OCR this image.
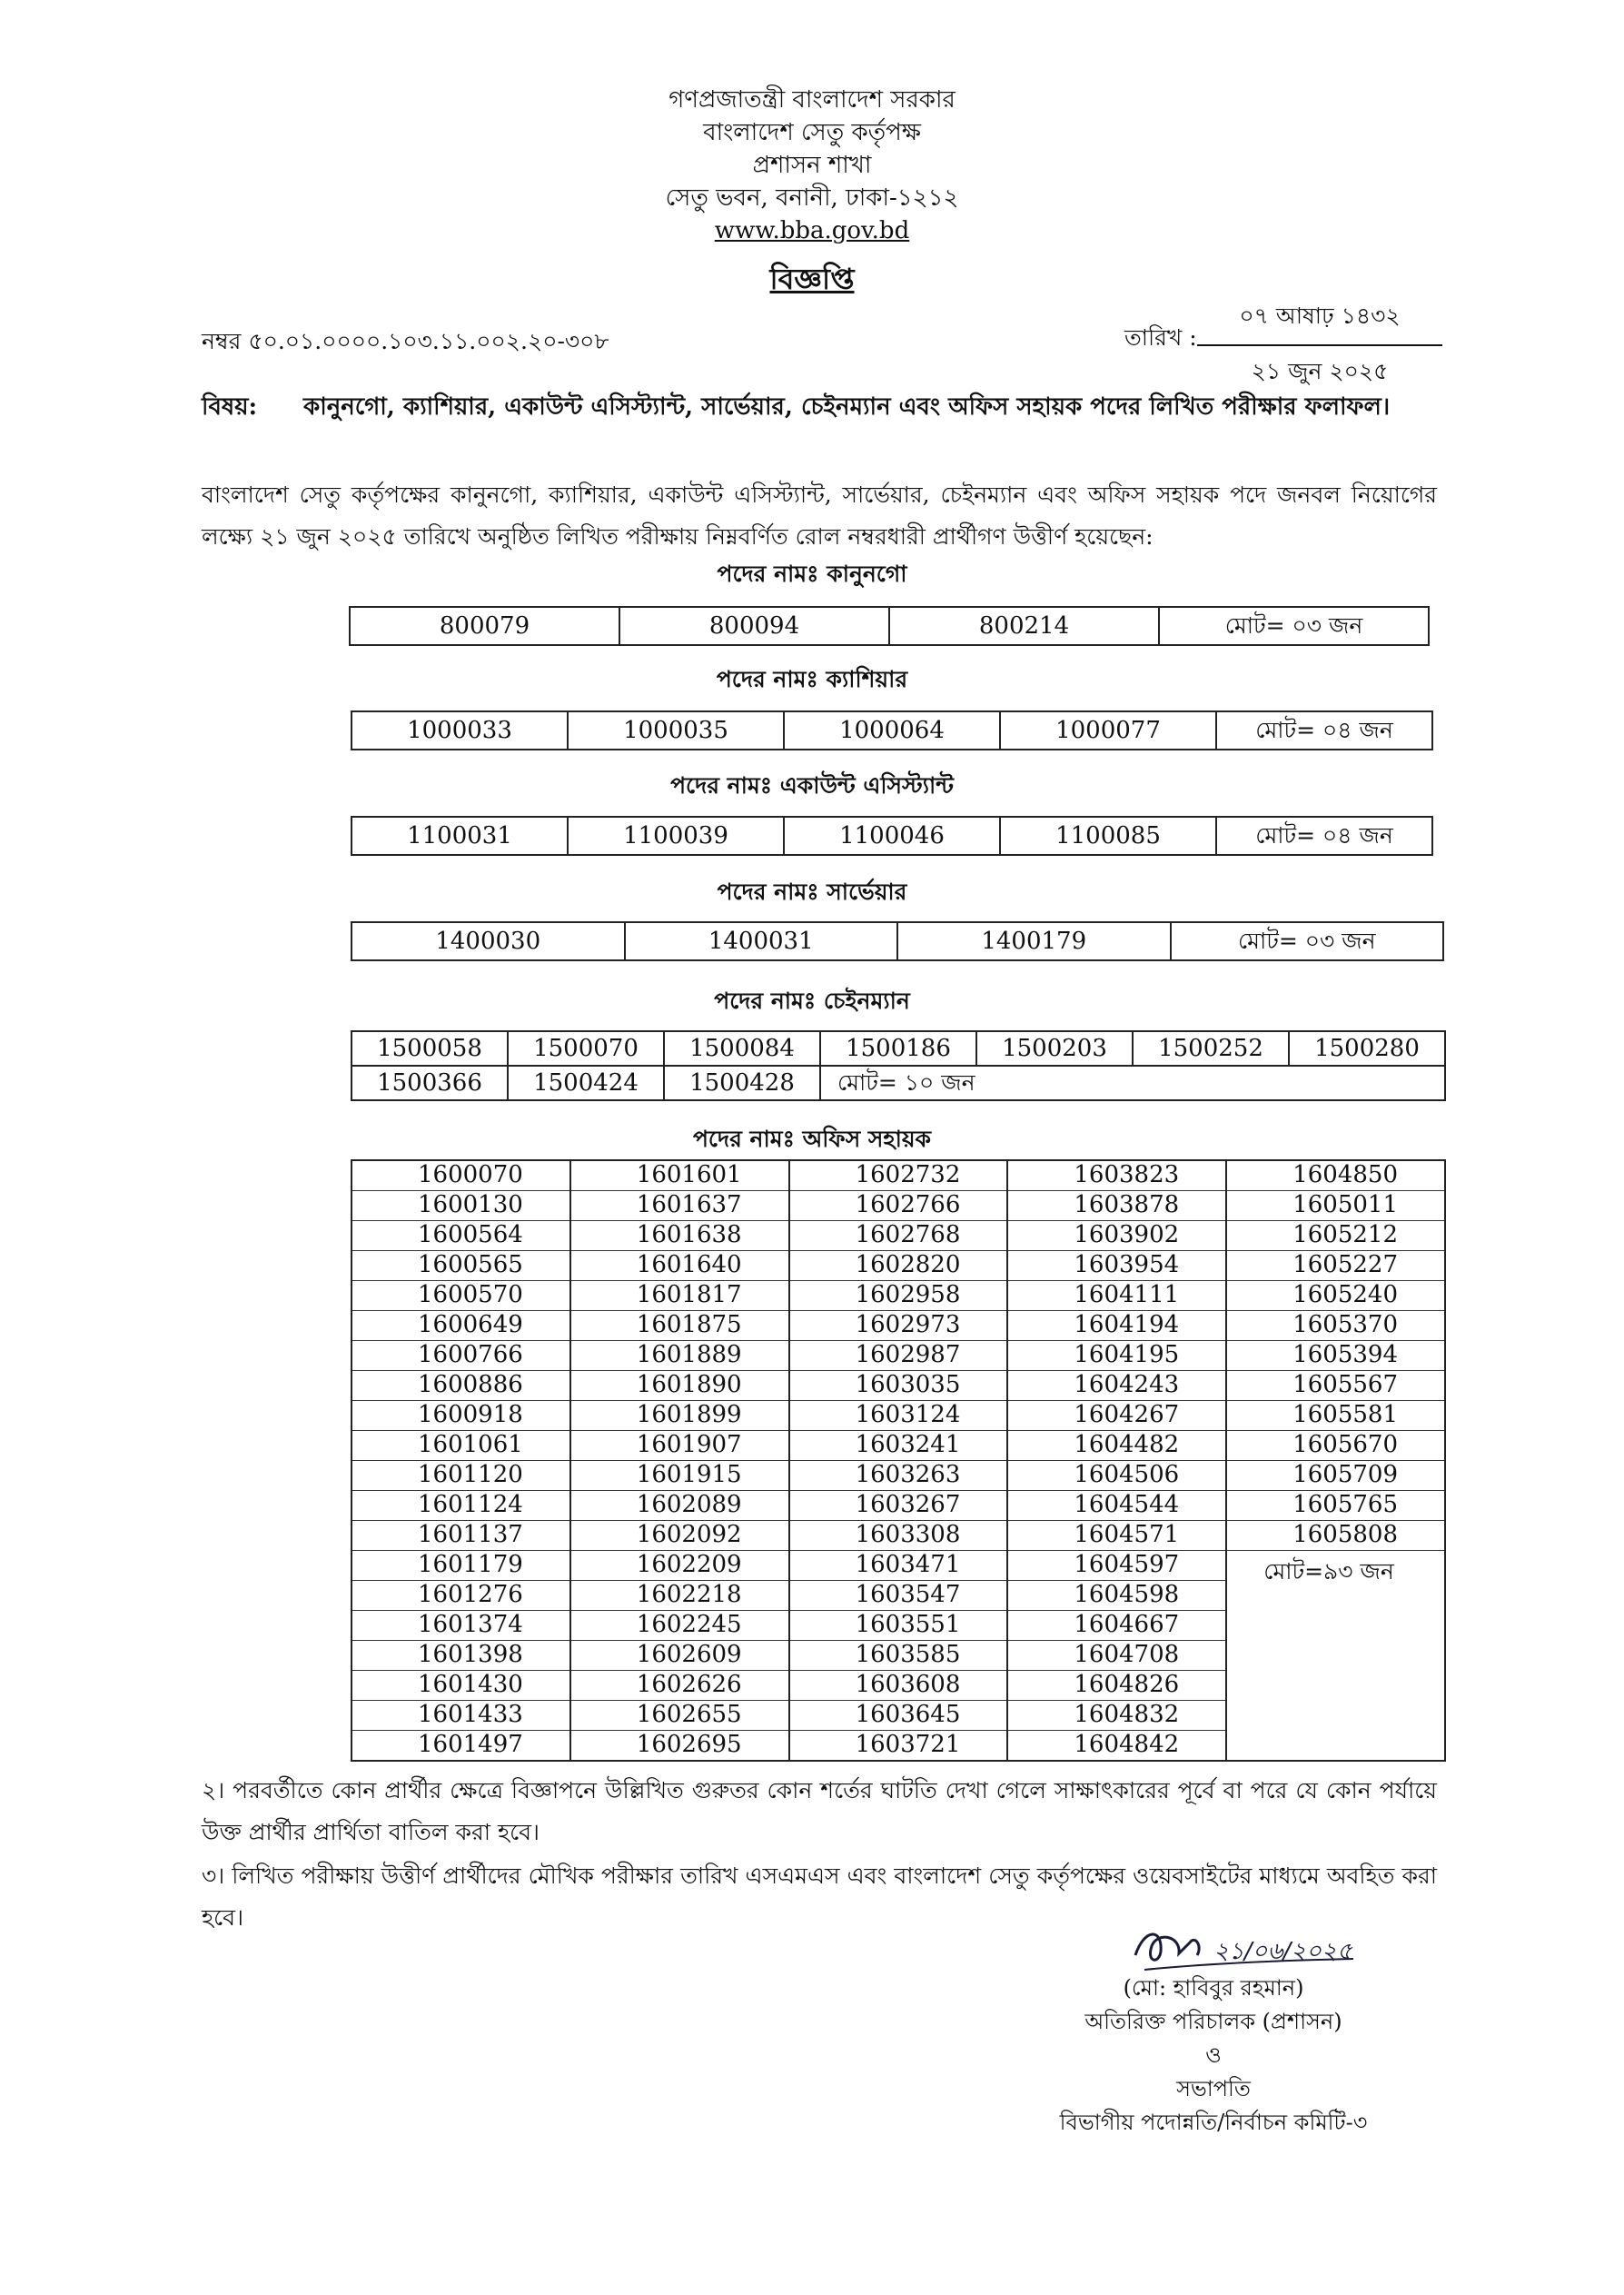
গণপ্রজাতন্ত্রী বাংলাদেশ সরকার
বাংলাদেশ সেতু কর্তৃপক্ষ
প্রশাসন শাখা
সেতু ভবন, বনানী, ঢাকা-১২১২
www.bba.gov.bd
বিজ্ঞপ্তি
নম্বর ৫০.০১.০০০০.১০৩.১১.০০২.২০-৩০৮	তারিখ :
০৭ আষাঢ় ১৪৩২
২১ জুন ২০২৫
বিষয়: কানুনগো, ক্যাশিয়ার, একাউন্ট এসিস্ট্যান্ট, সার্ভেয়ার, চেইনম্যান এবং অফিস সহায়ক পদের লিখিত পরীক্ষার ফলাফল।
বাংলাদেশ সেতু কর্তৃপক্ষের কানুনগো, ক্যাশিয়ার, একাউন্ট এসিস্ট্যান্ট, সার্ভেয়ার, চেইনম্যান এবং অফিস সহায়ক পদে জনবল নিয়োগের লক্ষ্যে ২১ জুন ২০২৫ তারিখে অনুষ্ঠিত লিখিত পরীক্ষায় নিম্নবর্ণিত রোল নম্বরধারী প্রার্থীগণ উত্তীর্ণ হয়েছেন:
পদের নামঃ কানুনগো
800079	800094	800214	মোট= ০৩ জন
পদের নামঃ ক্যাশিয়ার
1000033	1000035	1000064	1000077	মোট= ০৪ জন
পদের নামঃ একাউন্ট এসিস্ট্যান্ট
1100031	1100039	1100046	1100085	মোট= ০৪ জন
পদের নামঃ সার্ভেয়ার
1400030	1400031	1400179	মোট= ০৩ জন
পদের নামঃ চেইনম্যান
1500058	1500070	1500084	1500186	1500203	1500252	1500280
1500366	1500424	1500428	মোট= ১০ জন			
পদের নামঃ অফিস সহায়ক
1600070	1601601	1602732	1603823	1604850
1600130	1601637	1602766	1603878	1605011
1600564	1601638	1602768	1603902	1605212
1600565	1601640	1602820	1603954	1605227
1600570	1601817	1602958	1604111	1605240
1600649	1601875	1602973	1604194	1605370
1600766	1601889	1602987	1604195	1605394
1600886	1601890	1603035	1604243	1605567
1600918	1601899	1603124	1604267	1605581
1601061	1601907	1603241	1604482	1605670
1601120	1601915	1603263	1604506	1605709
1601124	1602089	1603267	1604544	1605765
1601137	1602092	1603308	1604571	1605808
1601179	1602209	1603471	1604597	মোট=৯৩ জন
1601276	1602218	1603547	1604598	
1601374	1602245	1603551	1604667	
1601398	1602609	1603585	1604708	
1601430	1602626	1603608	1604826	
1601433	1602655	1603645	1604832	
1601497	1602695	1603721	1604842	
২। পরবর্তীতে কোন প্রার্থীর ক্ষেত্রে বিজ্ঞাপনে উল্লিখিত গুরুতর কোন শর্তের ঘাটতি দেখা গেলে সাক্ষাৎকারের পূর্বে বা পরে যে কোন পর্যায়ে উক্ত প্রার্থীর প্রার্থিতা বাতিল করা হবে।
৩। লিখিত পরীক্ষায় উত্তীর্ণ প্রার্থীদের মৌখিক পরীক্ষার তারিখ এসএমএস এবং বাংলাদেশ সেতু কর্তৃপক্ষের ওয়েবসাইটের মাধ্যমে অবহিত করা হবে।
২১/০৬/২০২৫
(মো: হাবিবুর রহমান)
অতিরিক্ত পরিচালক (প্রশাসন)
ও
সভাপতি
বিভাগীয় পদোন্নতি/নির্বাচন কমিটি-৩
